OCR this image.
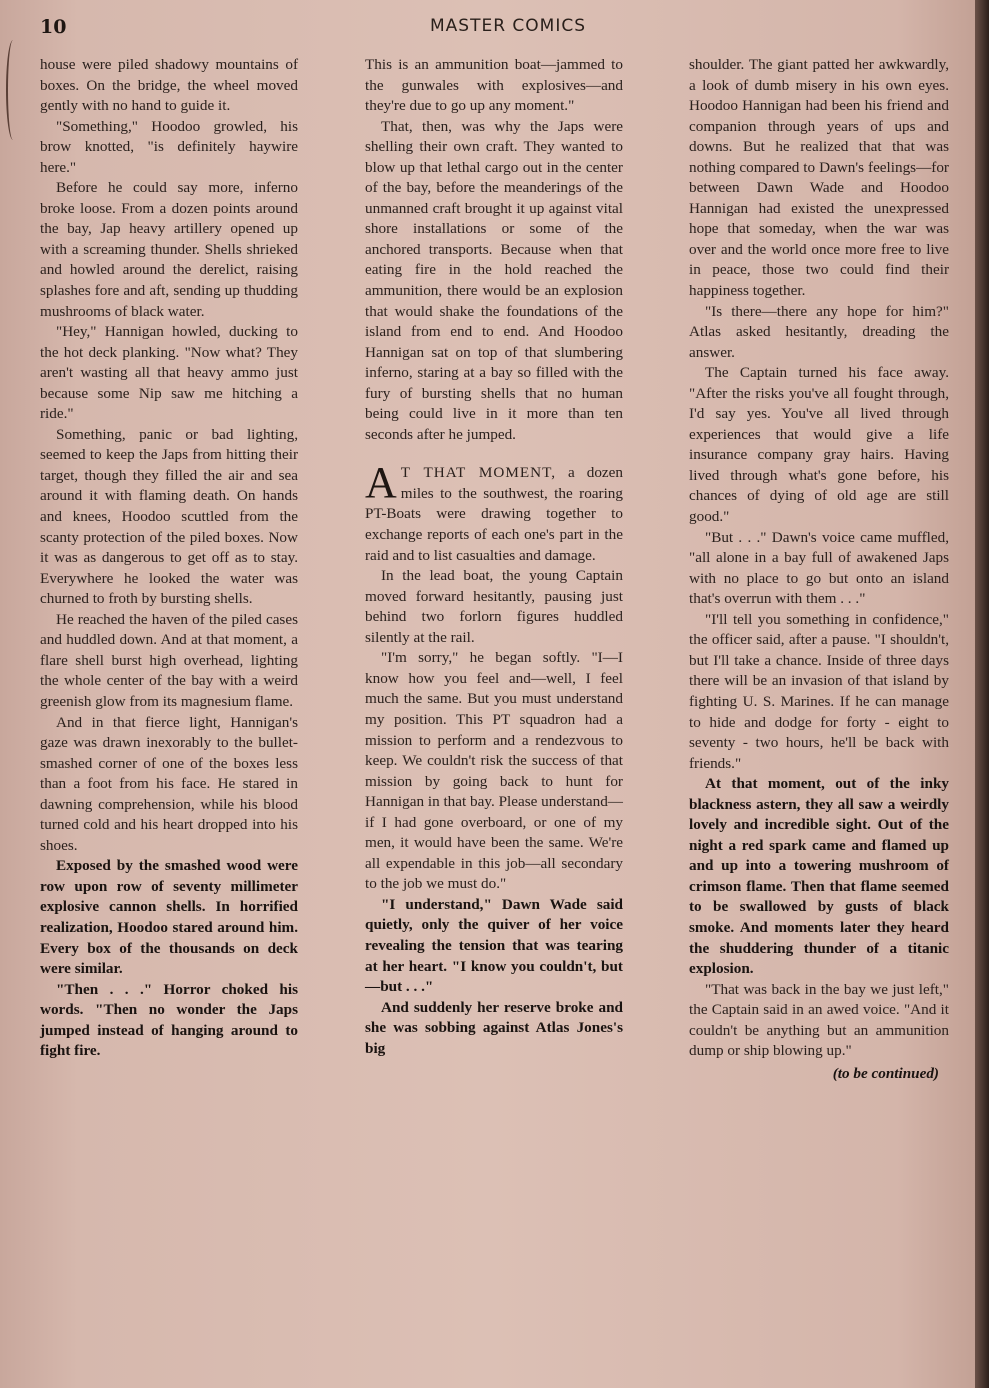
10	MASTER COMICS

house were piled shadowy mountains of boxes. On the bridge, the wheel moved gently with no hand to guide it.

"Something," Hoodoo growled, his brow knotted, "is definitely haywire here."

Before he could say more, inferno broke loose. From a dozen points around the bay, Jap heavy artillery opened up with a screaming thunder. Shells shrieked and howled around the derelict, raising splashes fore and aft, sending up thudding mushrooms of black water.

"Hey," Hannigan howled, ducking to the hot deck planking. "Now what? They aren't wasting all that heavy ammo just because some Nip saw me hitching a ride."

Something, panic or bad lighting, seemed to keep the Japs from hitting their target, though they filled the air and sea around it with flaming death. On hands and knees, Hoodoo scuttled from the scanty protection of the piled boxes. Now it was as dangerous to get off as to stay. Everywhere he looked the water was churned to froth by bursting shells.

He reached the haven of the piled cases and huddled down. And at that moment, a flare shell burst high overhead, lighting the whole center of the bay with a weird greenish glow from its magnesium flame.

And in that fierce light, Hannigan's gaze was drawn inexorably to the bullet-smashed corner of one of the boxes less than a foot from his face. He stared in dawning comprehension, while his blood turned cold and his heart dropped into his shoes.

Exposed by the smashed wood were row upon row of seventy millimeter explosive cannon shells. In horrified realization, Hoodoo stared around him. Every box of the thousands on deck were similar.

"Then . . ." Horror choked his words. "Then no wonder the Japs jumped instead of hanging around to fight fire.

This is an ammunition boat—jammed to the gunwales with explosives—and they're due to go up any moment."

That, then, was why the Japs were shelling their own craft. They wanted to blow up that lethal cargo out in the center of the bay, before the meanderings of the unmanned craft brought it up against vital shore installations or some of the anchored transports. Because when that eating fire in the hold reached the ammunition, there would be an explosion that would shake the foundations of the island from end to end. And Hoodoo Hannigan sat on top of that slumbering inferno, staring at a bay so filled with the fury of bursting shells that no human being could live in it more than ten seconds after he jumped.

A T THAT MOMENT, a dozen miles to the southwest, the roaring PT-Boats were drawing together to exchange reports of each one's part in the raid and to list casualties and damage.

In the lead boat, the young Captain moved forward hesitantly, pausing just behind two forlorn figures huddled silently at the rail.

"I'm sorry," he began softly. "I—I know how you feel and—well, I feel much the same. But you must understand my position. This PT squadron had a mission to perform and a rendezvous to keep. We couldn't risk the success of that mission by going back to hunt for Hannigan in that bay. Please understand—if I had gone overboard, or one of my men, it would have been the same. We're all expendable in this job—all secondary to the job we must do."

"I understand," Dawn Wade said quietly, only the quiver of her voice revealing the tension that was tearing at her heart. "I know you couldn't, but—but . . ."

And suddenly her reserve broke and she was sobbing against Atlas Jones's big

shoulder. The giant patted her awkwardly, a look of dumb misery in his own eyes. Hoodoo Hannigan had been his friend and companion through years of ups and downs. But he realized that that was nothing compared to Dawn's feelings—for between Dawn Wade and Hoodoo Hannigan had existed the unexpressed hope that someday, when the war was over and the world once more free to live in peace, those two could find their happiness together.

"Is there—there any hope for him?" Atlas asked hesitantly, dreading the answer.

The Captain turned his face away. "After the risks you've all fought through, I'd say yes. You've all lived through experiences that would give a life insurance company gray hairs. Having lived through what's gone before, his chances of dying of old age are still good."

"But . . ." Dawn's voice came muffled, "all alone in a bay full of awakened Japs with no place to go but onto an island that's overrun with them . . ."

"I'll tell you something in confidence," the officer said, after a pause. "I shouldn't, but I'll take a chance. Inside of three days there will be an invasion of that island by fighting U. S. Marines. If he can manage to hide and dodge for forty - eight to seventy - two hours, he'll be back with friends."

At that moment, out of the inky blackness astern, they all saw a weirdly lovely and incredible sight. Out of the night a red spark came and flamed up and up into a towering mushroom of crimson flame. Then that flame seemed to be swallowed by gusts of black smoke. And moments later they heard the shuddering thunder of a titanic explosion.

"That was back in the bay we just left," the Captain said in an awed voice. "And it couldn't be anything but an ammunition dump or ship blowing up."

(to be continued)
